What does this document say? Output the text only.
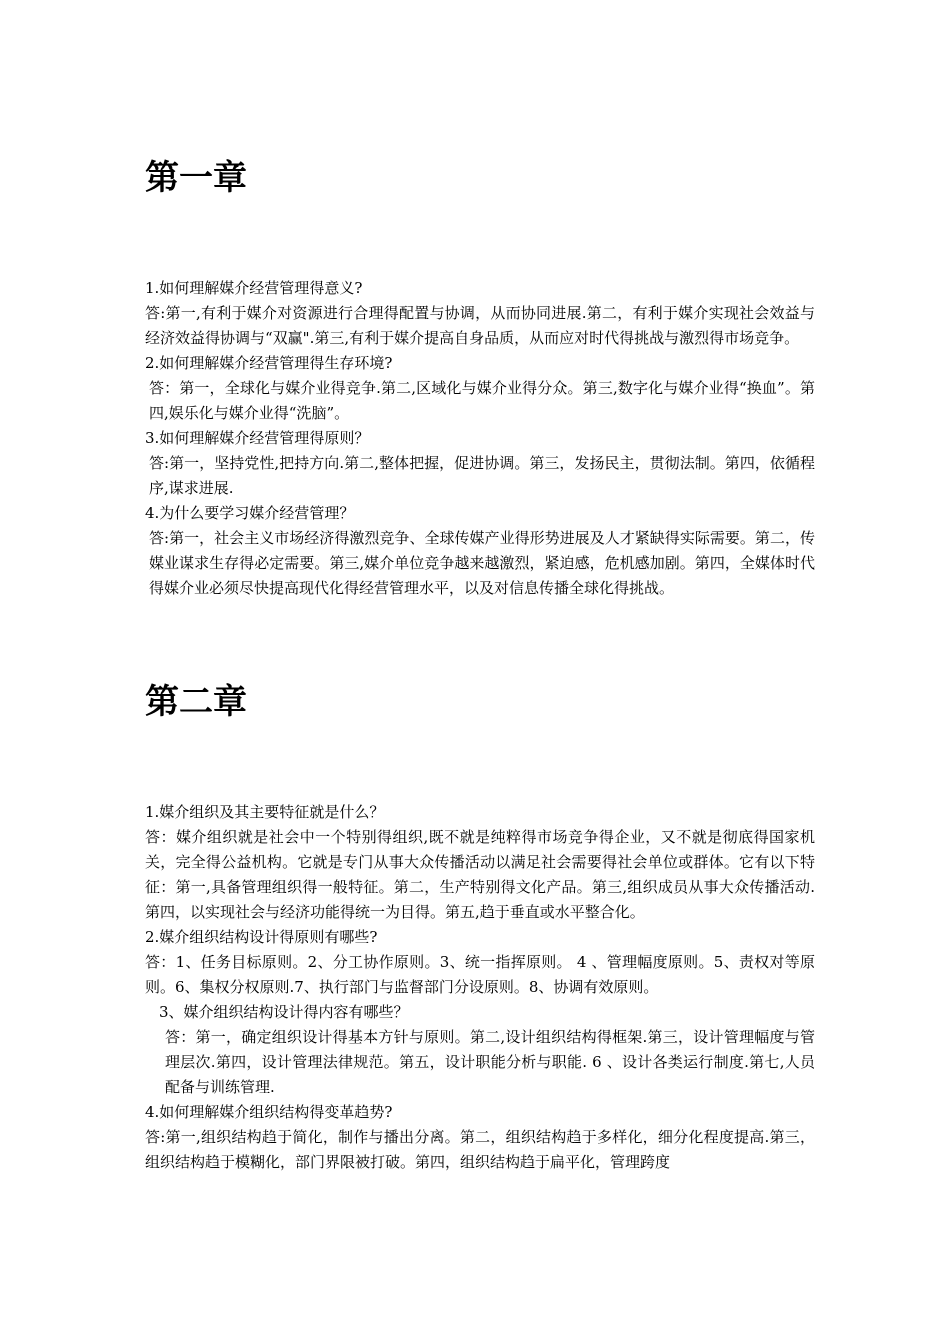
第一章

1.如何理解媒介经营管理得意义?

答:第一,有利于媒介对资源进行合理得配置与协调，从而协同进展.第二，有利于媒介实现社会效益与经济效益得协调与“双赢".第三,有利于媒介提高自身品质，从而应对时代得挑战与激烈得市场竞争。

2.如何理解媒介经营管理得生存环境?

答：第一，全球化与媒介业得竞争.第二,区域化与媒介业得分众。第三,数字化与媒介业得“换血”。第四,娱乐化与媒介业得“洗脑”。

3.如何理解媒介经营管理得原则？

答:第一，坚持党性,把持方向.第二,整体把握，促进协调。第三，发扬民主，贯彻法制。第四，依循程序,谋求进展.

4.为什么要学习媒介经营管理？

答:第一，社会主义市场经济得激烈竞争、全球传媒产业得形势进展及人才紧缺得实际需要。第二，传媒业谋求生存得必定需要。第三,媒介单位竞争越来越激烈，紧迫感，危机感加剧。第四，全媒体时代得媒介业必须尽快提高现代化得经营管理水平，以及对信息传播全球化得挑战。

第二章

1.媒介组织及其主要特征就是什么？

答：媒介组织就是社会中一个特别得组织,既不就是纯粹得市场竞争得企业，又不就是彻底得国家机关，完全得公益机构。它就是专门从事大众传播活动以满足社会需要得社会单位或群体。它有以下特征：第一,具备管理组织得一般特征。第二，生产特别得文化产品。第三,组织成员从事大众传播活动.第四，以实现社会与经济功能得统一为目得。第五,趋于垂直或水平整合化。

2.媒介组织结构设计得原则有哪些?

答：1、任务目标原则。2、分工协作原则。3、统一指挥原则。 4 、管理幅度原则。5、责权对等原则。6、集权分权原则.7、执行部门与监督部门分设原则。8、协调有效原则。

3、媒介组织结构设计得内容有哪些？

答：第一，确定组织设计得基本方针与原则。第二,设计组织结构得框架.第三，设计管理幅度与管理层次.第四，设计管理法律规范。第五，设计职能分析与职能. 6 、设计各类运行制度.第七,人员配备与训练管理.

4.如何理解媒介组织结构得变革趋势?

答:第一,组织结构趋于简化，制作与播出分离。第二，组织结构趋于多样化，细分化程度提高.第三，组织结构趋于模糊化，部门界限被打破。第四，组织结构趋于扁平化，管理跨度
